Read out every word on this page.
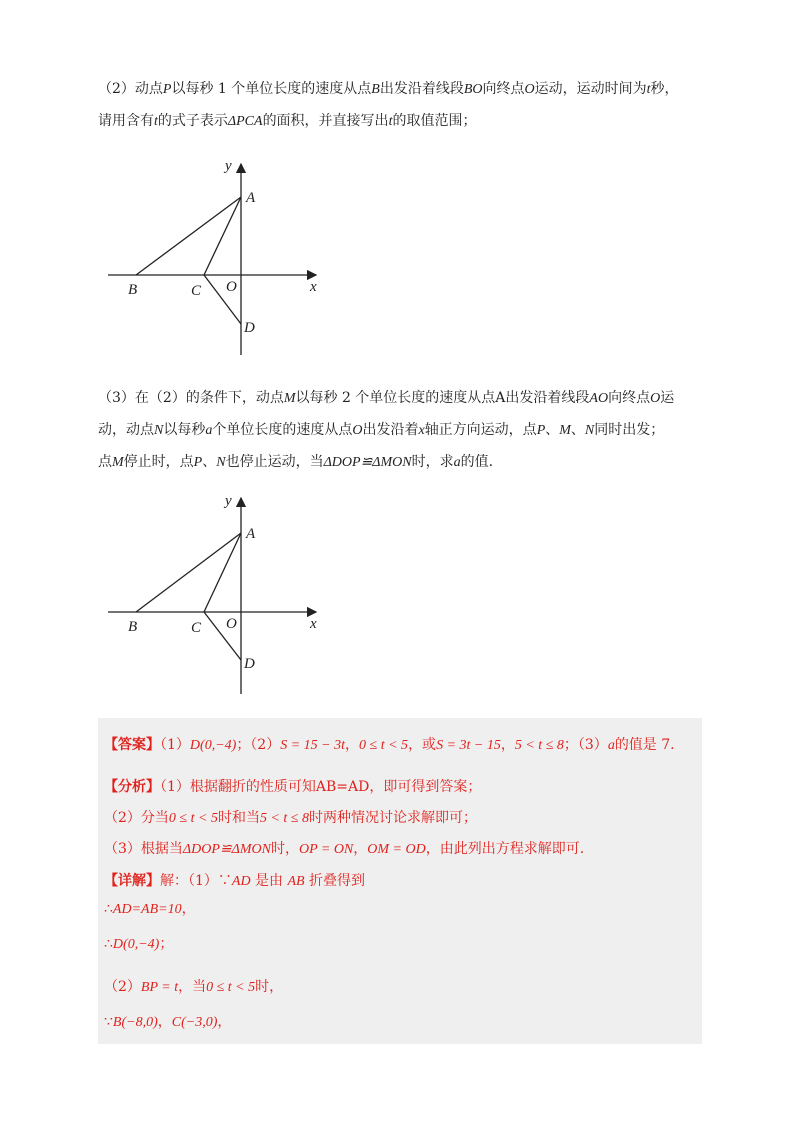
（2）动点P以每秒 1 个单位长度的速度从点B出发沿着线段BO向终点O运动，运动时间为t秒，
请用含有t的式子表示ΔPCA的面积，并直接写出t的取值范围；
y
x
A
B	C O
D
（3）在（2）的条件下，动点M以每秒 2 个单位长度的速度从点A出发沿着线段AO向终点O运
动，动点N以每秒a个单位长度的速度从点O出发沿着x轴正方向运动，点P、M、N同时出发；
点M停止时，点P、N也停止运动，当ΔDOP≌ΔMON时，求a的值.
y
x
A
B	C O
D
【答案】（1）D(0,−4)；（2）S = 15 − 3t，0 ≤ t < 5，或S = 3t − 15，5 < t ≤ 8；（3）a的值是 7.
【分析】（1）根据翻折的性质可知AB=AD，即可得到答案；
（2）分当0 ≤ t < 5时和当5 < t ≤ 8时两种情况讨论求解即可；
（3）根据当ΔDOP≌ΔMON时，OP = ON，OM = OD，由此列出方程求解即可.
【详解】解：（1）∵AD 是由 AB 折叠得到
∴AD=AB=10，
∴D(0,−4)；
（2）BP = t，当0 ≤ t < 5时，
∵B(−8,0)，C(−3,0)，
